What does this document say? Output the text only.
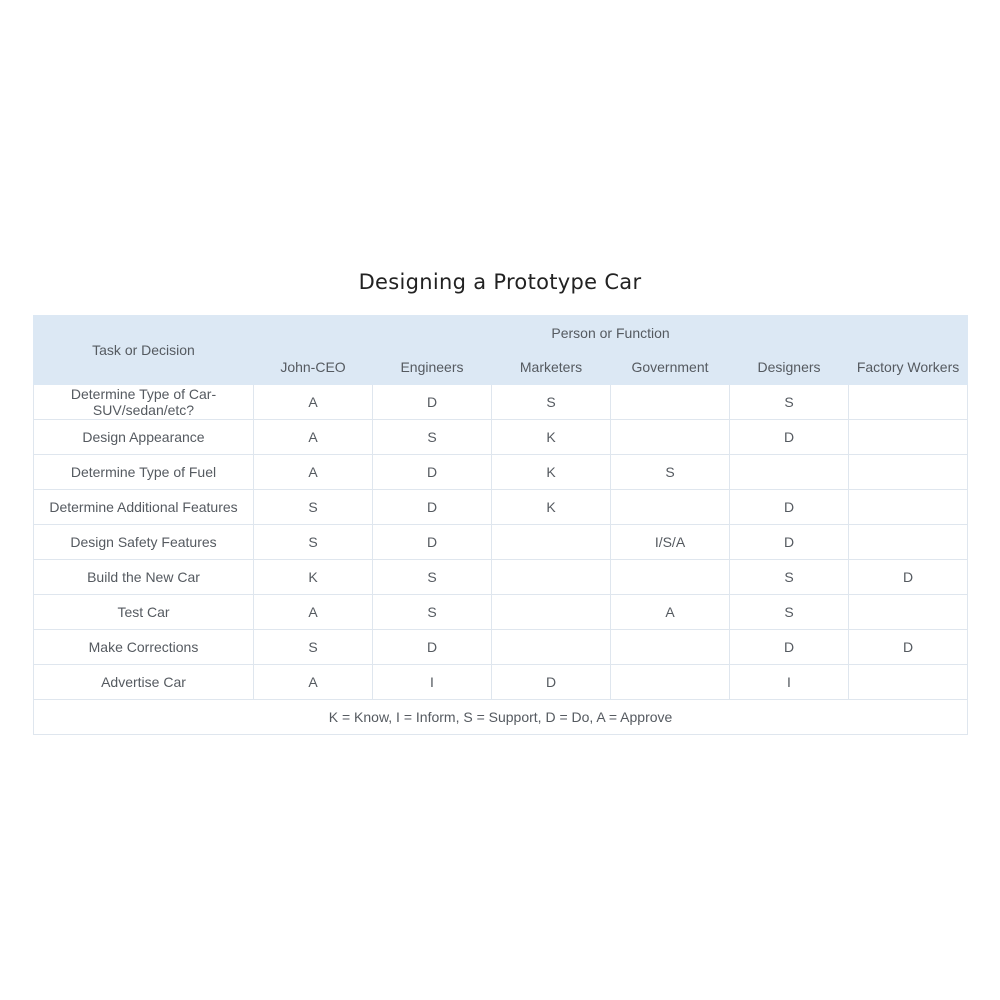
Designing a Prototype Car
Task or Decision	Person or Function					
	John-CEO	Engineers	Marketers	Government	Designers	Factory Workers
Determine Type of Car-SUV/sedan/etc?	A	D	S		S	
Design Appearance	A	S	K		D	
Determine Type of Fuel	A	D	K	S		
Determine Additional Features	S	D	K		D	
Design Safety Features	S	D		I/S/A	D	
Build the New Car	K	S			S	D
Test Car	A	S		A	S	
Make Corrections	S	D			D	D
Advertise Car	A	I	D		I	
K = Know, I = Inform, S = Support, D = Do, A = Approve						
